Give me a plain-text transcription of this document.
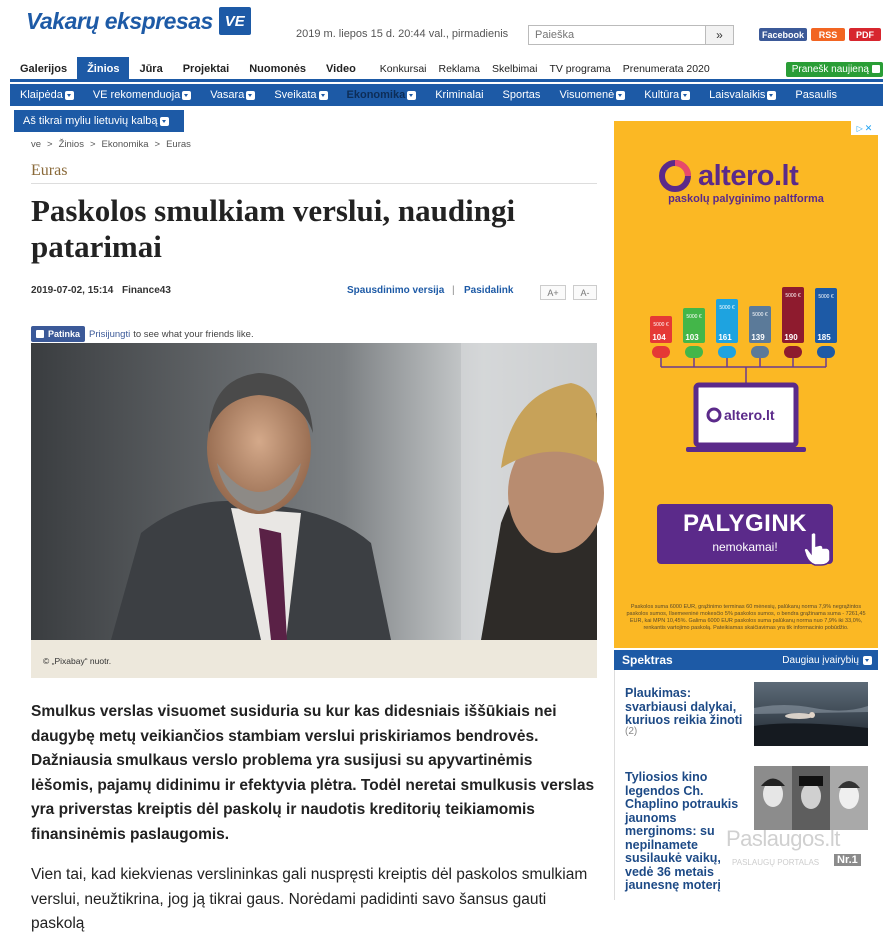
Vakarų ekspresas VE
2019 m. liepos 15 d. 20:44 val., pirmadienis
Paieška	»	Facebook	RSS	PDF
Galerijos	Žinios	Jūra	Projektai	Nuomonės	Video	Konkursai	Reklama	Skelbimai	TV programa	Prenumerata 2020	Pranešk naujieną
Klaipėda	VE rekomenduoja	Vasara	Sveikata	Ekonomika	Kriminalai Sportas Visuomenė	Kultūra	Laisvalaikis	Pasaulis
Aš tikrai myliu lietuvių kalbą
ve > Žinios > Ekonomika > Euras
Euras
Paskolos smulkiam verslui, naudingi patarimai
2019-07-02, 15:14 Finance43	Spausdinimo versija | Pasidalink	A+	A-
Patinka Prisijungti to see what your friends like.
© „Pixabay“ nuotr.

Smulkus verslas visuomet susiduria su kur kas didesniais iššūkiais nei daugybę metų veikiančios stambiam verslui priskiriamos bendrovės. Dažniausia smulkaus verslo problema yra susijusi su apyvartinėmis lėšomis, pajamų didinimu ir efektyvia plėtra. Todėl neretai smulkusis verslas yra priverstas kreiptis dėl paskolų ir naudotis kreditorių teikiamomis finansinėmis paslaugomis.

Vien tai, kad kiekvienas verslininkas gali nuspręsti kreiptis dėl paskolos smulkiam verslui, neužtikrina, jog ją tikrai gaus. Norėdami padidinti savo šansus gauti paskolą

▷ ✕
altero.lt
paskolų palyginimo paltforma
5000 €
104
5000 €
103
5000 €
161
5000 €
139
5000 €
190
5000 €
185
altero.lt
PALYGINK
nemokamai!
Paskolos suma 6000 EUR, grąžinimo terminas 60 mėnesių, palūkanų norma 7,9% negrąžintos paskolos sumos, Ilsemeeninė mokesčio 5% paskolos sumos, o bendra grąžinama suma - 7261,45 EUR, kai MPN 10,45%. Galima 6000 EUR paskolos suma palūkanų norma nuo 7,9% iki 33,0%, renkantis vartojimo paskolą. Pateikiamas skaičiavimas yra tik informacinio pobūdžio.
Spektras	Daugiau įvairybių
Plaukimas: svarbiausi dalykai, kuriuos reikia žinoti
(2)
Tyliosios kino legendos Ch. Chaplino potraukis jaunoms merginoms: su nepilnamete susilaukė vaikų, vedė 36 metais jaunesnę moterį
Paslaugos.lt
PASLAUGŲ PORTALAS Nr.1
